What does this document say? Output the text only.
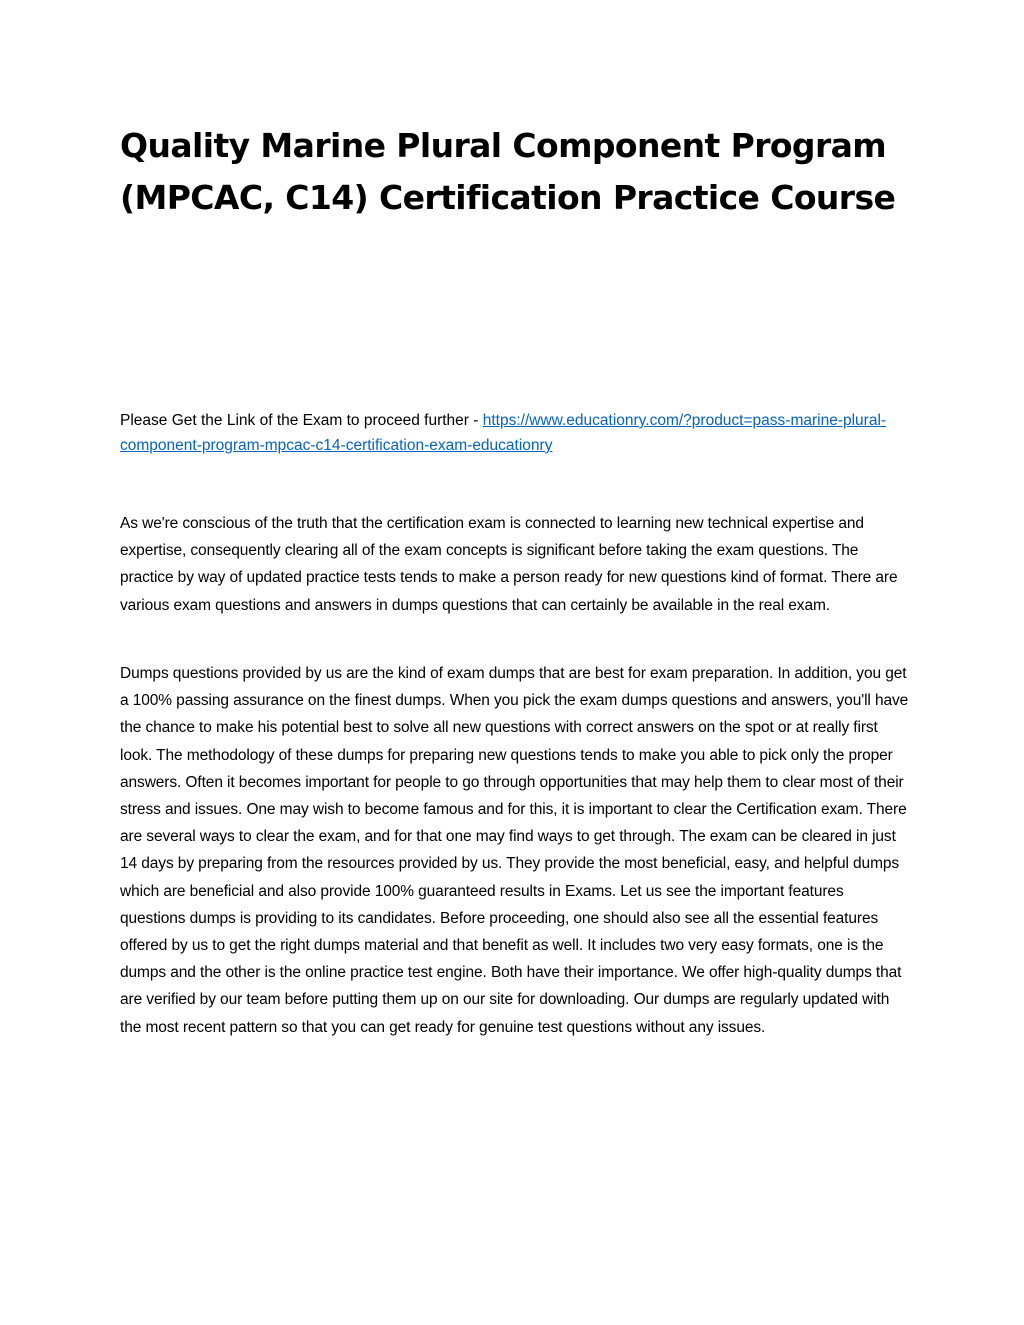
Quality Marine Plural Component Program (MPCAC, C14) Certification Practice Course

Please Get the Link of the Exam to proceed further - https://www.educationry.com/?product=pass-marine-plural-component-program-mpcac-c14-certification-exam-educationry

As we're conscious of the truth that the certification exam is connected to learning new technical expertise and expertise, consequently clearing all of the exam concepts is significant before taking the exam questions. The practice by way of updated practice tests tends to make a person ready for new questions kind of format. There are various exam questions and answers in dumps questions that can certainly be available in the real exam.

Dumps questions provided by us are the kind of exam dumps that are best for exam preparation. In addition, you get a 100% passing assurance on the finest dumps. When you pick the exam dumps questions and answers, you'll have the chance to make his potential best to solve all new questions with correct answers on the spot or at really first look. The methodology of these dumps for preparing new questions tends to make you able to pick only the proper answers. Often it becomes important for people to go through opportunities that may help them to clear most of their stress and issues. One may wish to become famous and for this, it is important to clear the Certification exam. There are several ways to clear the exam, and for that one may find ways to get through. The exam can be cleared in just 14 days by preparing from the resources provided by us. They provide the most beneficial, easy, and helpful dumps which are beneficial and also provide 100% guaranteed results in Exams. Let us see the important features questions dumps is providing to its candidates. Before proceeding, one should also see all the essential features offered by us to get the right dumps material and that benefit as well. It includes two very easy formats, one is the dumps and the other is the online practice test engine. Both have their importance. We offer high-quality dumps that are verified by our team before putting them up on our site for downloading. Our dumps are regularly updated with the most recent pattern so that you can get ready for genuine test questions without any issues.
